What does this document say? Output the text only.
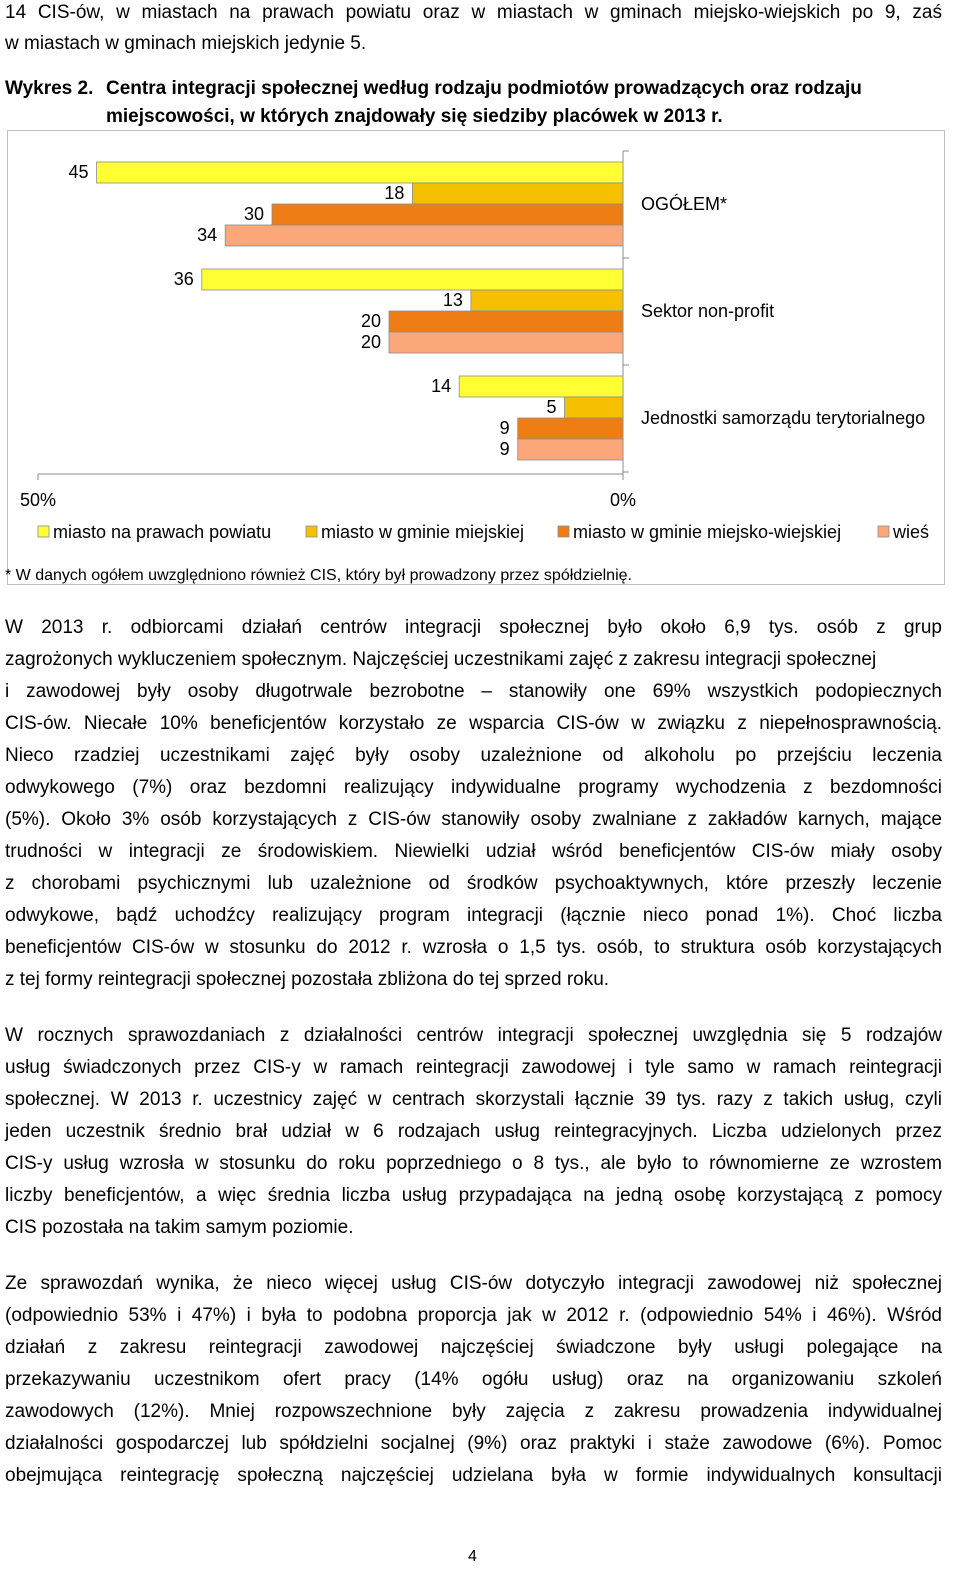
14 CIS-ów, w miastach na prawach powiatu oraz w miastach w gminach miejsko-wiejskich po 9, zaś
w miastach w gminach miejskich jedynie 5.
Wykres 2. Centra integracji społecznej według rodzaju podmiotów prowadzących oraz rodzaju
miejscowości, w których znajdowały się siedziby placówek w 2013 r.
45
18
30
34
OGÓŁEM*
36
13
20
20
Sektor non-profit
14
5
9
9
Jednostki samorządu terytorialnego
50%	0%
miasto na prawach powiatu	miasto w gminie miejskiej	miasto w gminie miejsko-wiejskiej	wieś
* W danych ogółem uwzględniono również CIS, który był prowadzony przez spółdzielnię.
W 2013 r. odbiorcami działań centrów integracji społecznej było około 6,9 tys. osób z grup
zagrożonych wykluczeniem społecznym. Najczęściej uczestnikami zajęć z zakresu integracji społecznej
i zawodowej były osoby długotrwale bezrobotne – stanowiły one 69% wszystkich podopiecznych
CIS-ów. Niecałe 10% beneficjentów korzystało ze wsparcia CIS-ów w związku z niepełnosprawnością.
Nieco rzadziej uczestnikami zajęć były osoby uzależnione od alkoholu po przejściu leczenia
odwykowego (7%) oraz bezdomni realizujący indywidualne programy wychodzenia z bezdomności
(5%). Około 3% osób korzystających z CIS-ów stanowiły osoby zwalniane z zakładów karnych, mające
trudności w integracji ze środowiskiem. Niewielki udział wśród beneficjentów CIS-ów miały osoby
z chorobami psychicznymi lub uzależnione od środków psychoaktywnych, które przeszły leczenie
odwykowe, bądź uchodźcy realizujący program integracji (łącznie nieco ponad 1%). Choć liczba
beneficjentów CIS-ów w stosunku do 2012 r. wzrosła o 1,5 tys. osób, to struktura osób korzystających
z tej formy reintegracji społecznej pozostała zbliżona do tej sprzed roku.
W rocznych sprawozdaniach z działalności centrów integracji społecznej uwzględnia się 5 rodzajów
usług świadczonych przez CIS-y w ramach reintegracji zawodowej i tyle samo w ramach reintegracji
społecznej. W 2013 r. uczestnicy zajęć w centrach skorzystali łącznie 39 tys. razy z takich usług, czyli
jeden uczestnik średnio brał udział w 6 rodzajach usług reintegracyjnych. Liczba udzielonych przez
CIS-y usług wzrosła w stosunku do roku poprzedniego o 8 tys., ale było to równomierne ze wzrostem
liczby beneficjentów, a więc średnia liczba usług przypadająca na jedną osobę korzystającą z pomocy
CIS pozostała na takim samym poziomie.
Ze sprawozdań wynika, że nieco więcej usług CIS-ów dotyczyło integracji zawodowej niż społecznej
(odpowiednio 53% i 47%) i była to podobna proporcja jak w 2012 r. (odpowiednio 54% i 46%). Wśród
działań z zakresu reintegracji zawodowej najczęściej świadczone były usługi polegające na
przekazywaniu uczestnikom ofert pracy (14% ogółu usług) oraz na organizowaniu szkoleń
zawodowych (12%). Mniej rozpowszechnione były zajęcia z zakresu prowadzenia indywidualnej
działalności gospodarczej lub spółdzielni socjalnej (9%) oraz praktyki i staże zawodowe (6%). Pomoc
obejmująca reintegrację społeczną najczęściej udzielana była w formie indywidualnych konsultacji
4
